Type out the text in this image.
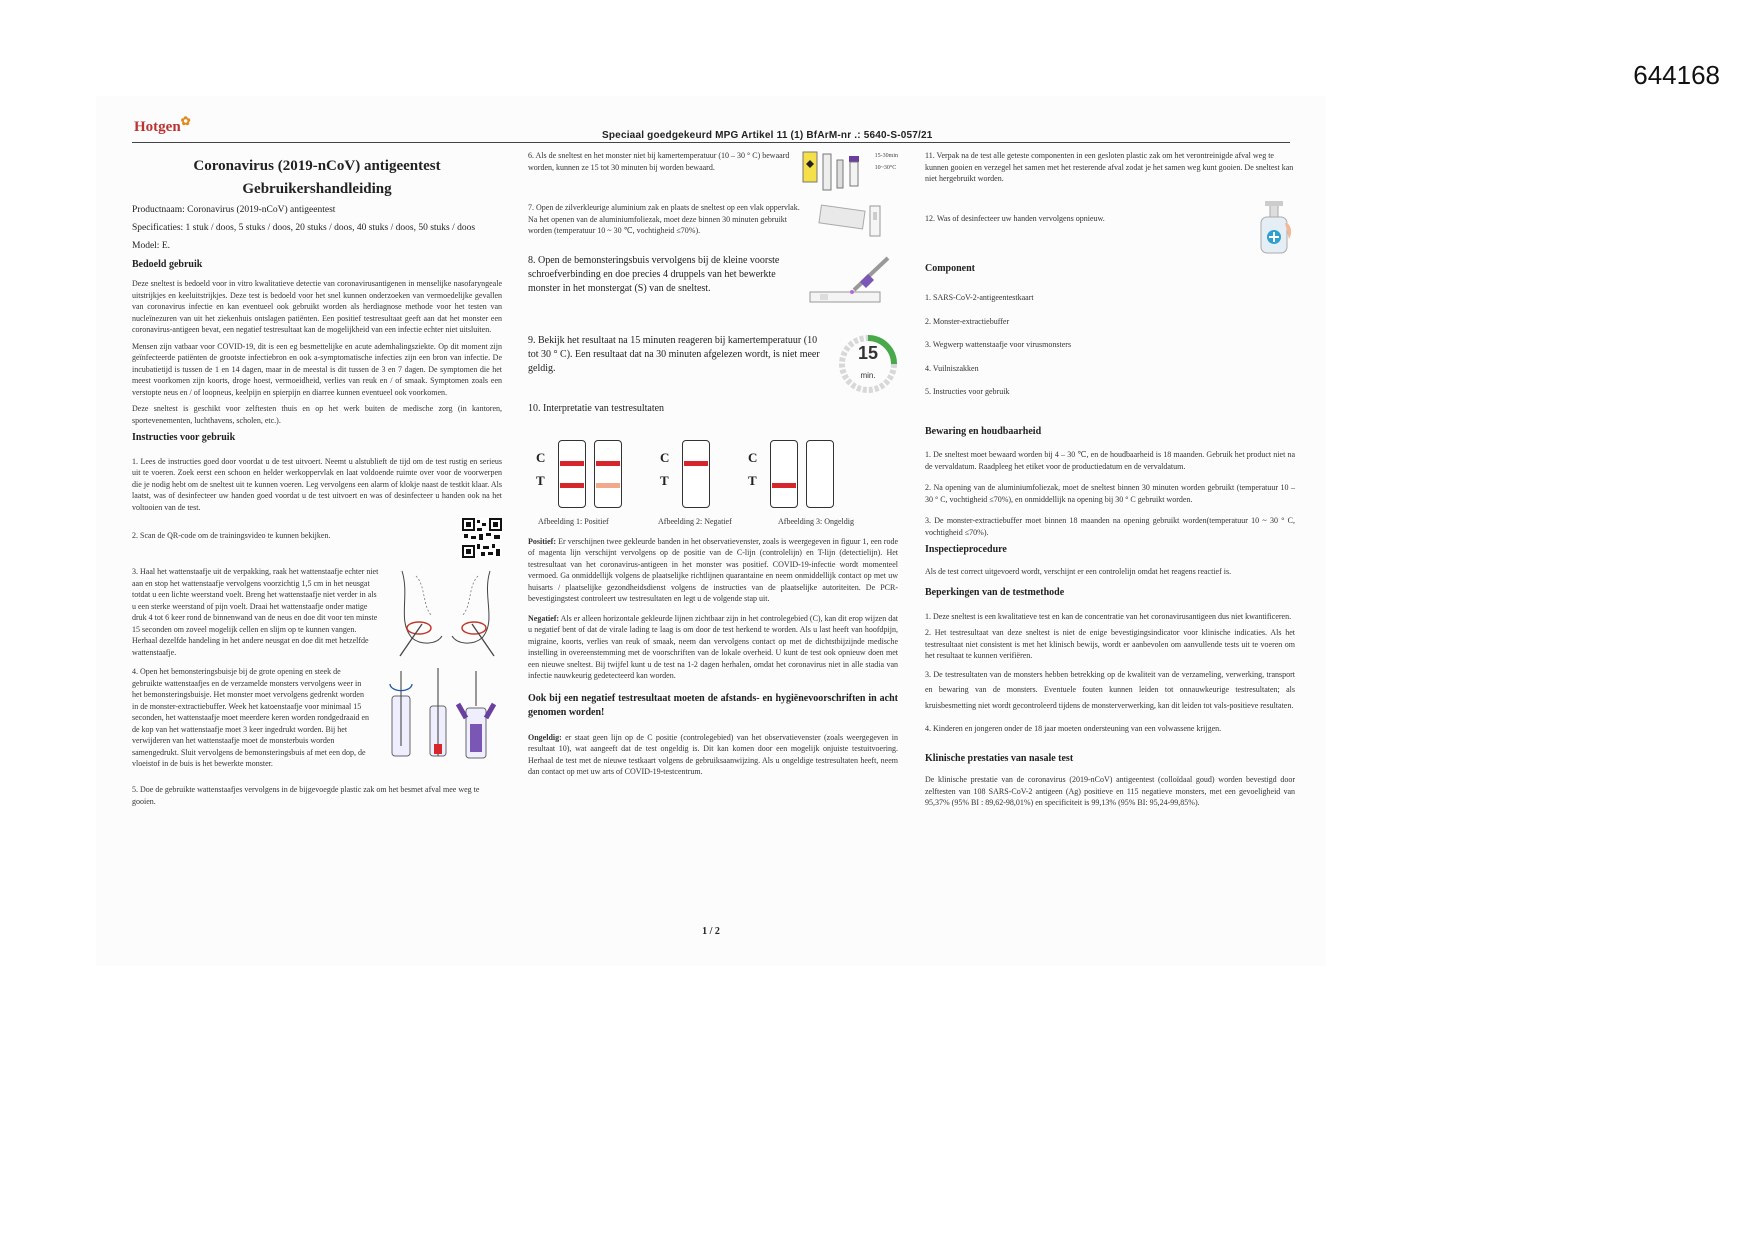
644168
Hotgen✿
Speciaal goedgekeurd MPG Artikel 11 (1) BfArM-nr .: 5640-S-057/21
Coronavirus (2019-nCoV) antigeentest
Gebruikershandleiding

Productnaam: Coronavirus (2019-nCoV) antigeentest

Specificaties: 1 stuk / doos, 5 stuks / doos, 20 stuks / doos, 40 stuks / doos, 50 stuks / doos

Model: E.

Bedoeld gebruik

Deze sneltest is bedoeld voor in vitro kwalitatieve detectie van coronavirusantigenen in menselijke nasofaryngeale uitstrijkjes en keeluitstrijkjes. Deze test is bedoeld voor het snel kunnen onderzoeken van vermoedelijke gevallen van coronavirus infectie en kan eventueel ook gebruikt worden als herdiagnose methode voor het testen van nucleïnezuren van uit het ziekenhuis ontslagen patiënten. Een positief testresultaat geeft aan dat het monster een coronavirus-antigeen bevat, een negatief testresultaat kan de mogelijkheid van een infectie echter niet uitsluiten.

Mensen zijn vatbaar voor COVID-19, dit is een eg besmettelijke en acute ademhalingsziekte. Op dit moment zijn geïnfecteerde patiënten de grootste infectiebron en ook a-symptomatische infecties zijn een bron van infectie. De incubatietijd is tussen de 1 en 14 dagen, maar in de meestal is dit tussen de 3 en 7 dagen. De symptomen die het meest voorkomen zijn koorts, droge hoest, vermoeidheid, verlies van reuk en / of smaak. Symptomen zoals een verstopte neus en / of loopneus, keelpijn en spierpijn en diarree kunnen eventueel ook voorkomen.

Deze sneltest is geschikt voor zelftesten thuis en op het werk buiten de medische zorg (in kantoren, sportevenementen, luchthavens, scholen, etc.).

Instructies voor gebruik

1. Lees de instructies goed door voordat u de test uitvoert. Neemt u alstublieft de tijd om de test rustig en serieus uit te voeren. Zoek eerst een schoon en helder werkoppervlak en laat voldoende ruimte over voor de voorwerpen die je nodig hebt om de sneltest uit te kunnen voeren. Leg vervolgens een alarm of klokje naast de testkit klaar. Als laatst, was of desinfecteer uw handen goed voordat u de test uitvoert en was of desinfecteer u handen ook na het voltooien van de test.

2. Scan de QR-code om de trainingsvideo te kunnen bekijken.
3. Haal het wattenstaafje uit de verpakking, raak het wattenstaafje echter niet aan en stop het wattenstaafje vervolgens voorzichtig 1,5 cm in het neusgat totdat u een lichte weerstand voelt. Breng het wattenstaafje niet verder in als u een sterke weerstand of pijn voelt. Draai het wattenstaafje onder matige druk 4 tot 6 keer rond de binnenwand van de neus en doe dit voor ten minste 15 seconden om zoveel mogelijk cellen en slijm op te kunnen vangen. Herhaal dezelfde handeling in het andere neusgat en doe dit met hetzelfde wattenstaafje.
4. Open het bemonsteringsbuisje bij de grote opening en steek de gebruikte wattenstaafjes en de verzamelde monsters vervolgens weer in het bemonsteringsbuisje. Het monster moet vervolgens gedrenkt worden in de monster-extractiebuffer. Week het katoenstaafje voor minimaal 15 seconden, het wattenstaafje moet meerdere keren worden rondgedraaid en de kop van het wattenstaafje moet 3 keer ingedrukt worden. Bij het verwijderen van het wattenstaafje moet de monsterbuis worden samengedrukt. Sluit vervolgens de bemonsteringsbuis af met een dop, de vloeistof in de buis is het bewerkte monster.

5. Doe de gebruikte wattenstaafjes vervolgens in de bijgevoegde plastic zak om het besmet afval mee weg te gooien.

6. Als de sneltest en het monster niet bij kamertemperatuur (10 – 30 ° C) bewaard worden, kunnen ze 15 tot 30 minuten bij worden bewaard.
15-30min
10~30°C
7. Open de zilverkleurige aluminium zak en plaats de sneltest op een vlak oppervlak. Na het openen van de aluminiumfoliezak, moet deze binnen 30 minuten gebruikt worden (temperatuur 10 ~ 30 ℃, vochtigheid ≤70%).
8. Open de bemonsteringsbuis vervolgens bij de kleine voorste schroefverbinding en doe precies 4 druppels van het bewerkte monster in het monstergat (S) van de sneltest.
9. Bekijk het resultaat na 15 minuten reageren bij kamertemperatuur (10 tot 30 ° C). Een resultaat dat na 30 minuten afgelezen wordt, is niet meer geldig.
15
min.
10. Interpretatie van testresultaten
C
T
C
T
C
T
Afbeelding 1: Positief	Afbeelding 2: Negatief	Afbeelding 3: Ongeldig

Positief: Er verschijnen twee gekleurde banden in het observatievenster, zoals is weergegeven in figuur 1, een rode of magenta lijn verschijnt vervolgens op de positie van de C-lijn (controlelijn) en T-lijn (detectielijn). Het testresultaat van het coronavirus-antigeen in het monster was positief. COVID-19-infectie wordt momenteel vermoed. Ga onmiddellijk volgens de plaatselijke richtlijnen quarantaine en neem onmiddellijk contact op met uw huisarts / plaatselijke gezondheidsdienst volgens de instructies van de plaatselijke autoriteiten. De PCR-bevestigingstest controleert uw testresultaten en legt u de volgende stap uit.

Negatief: Als er alleen horizontale gekleurde lijnen zichtbaar zijn in het controlegebied (C), kan dit erop wijzen dat u negatief bent of dat de virale lading te laag is om door de test herkend te worden. Als u last heeft van hoofdpijn, migraine, koorts, verlies van reuk of smaak, neem dan vervolgens contact op met de dichtstbijzijnde medische instelling in overeenstemming met de voorschriften van de lokale overheid. U kunt de test ook opnieuw doen met een nieuwe sneltest. Bij twijfel kunt u de test na 1-2 dagen herhalen, omdat het coronavirus niet in alle stadia van infectie nauwkeurig gedetecteerd kan worden.

Ook bij een negatief testresultaat moeten de afstands- en hygiënevoorschriften in acht genomen worden!

Ongeldig: er staat geen lijn op de C positie (controlegebied) van het observatievenster (zoals weergegeven in resultaat 10), wat aangeeft dat de test ongeldig is. Dit kan komen door een mogelijk onjuiste testuitvoering. Herhaal de test met de nieuwe testkaart volgens de gebruiksaanwijzing. Als u ongeldige testresultaten heeft, neem dan contact op met uw arts of COVID-19-testcentrum.

11. Verpak na de test alle geteste componenten in een gesloten plastic zak om het verontreinigde afval weg te kunnen gooien en verzegel het samen met het resterende afval zodat je het samen weg kunt gooien. De sneltest kan niet hergebruikt worden.

12. Was of desinfecteer uw handen vervolgens opnieuw.
Component
1. SARS-CoV-2-antigeentestkaart
2. Monster-extractiebuffer
3. Wegwerp wattenstaafje voor virusmonsters
4. Vuilniszakken
5. Instructies voor gebruik
Bewaring en houdbaarheid

1. De sneltest moet bewaard worden bij 4 – 30 ℃, en de houdbaarheid is 18 maanden. Gebruik het product niet na de vervaldatum. Raadpleeg het etiket voor de productiedatum en de vervaldatum.

2. Na opening van de aluminiumfoliezak, moet de sneltest binnen 30 minuten worden gebruikt (temperatuur 10 – 30 ° C, vochtigheid ≤70%), en onmiddellijk na opening bij 30 ° C gebruikt worden.

3. De monster-extractiebuffer moet binnen 18 maanden na opening gebruikt worden(temperatuur 10 ~ 30 ° C, vochtigheid ≤70%).

Inspectieprocedure

Als de test correct uitgevoerd wordt, verschijnt er een controlelijn omdat het reagens reactief is.

Beperkingen van de testmethode

1. Deze sneltest is een kwalitatieve test en kan de concentratie van het coronavirusantigeen dus niet kwantificeren.

2. Het testresultaat van deze sneltest is niet de enige bevestigingsindicator voor klinische indicaties. Als het testresultaat niet consistent is met het klinisch bewijs, wordt er aanbevolen om aanvullende tests uit te voeren om het resultaat te kunnen verifiëren.

3. De testresultaten van de monsters hebben betrekking op de kwaliteit van de verzameling, verwerking, transport en bewaring van de monsters. Eventuele fouten kunnen leiden tot onnauwkeurige testresultaten; als kruisbesmetting niet wordt gecontroleerd tijdens de monsterverwerking, kan dit leiden tot vals-positieve resultaten.

4. Kinderen en jongeren onder de 18 jaar moeten ondersteuning van een volwassene krijgen.

Klinische prestaties van nasale test

De klinische prestatie van de coronavirus (2019-nCoV) antigeentest (colloïdaal goud) worden bevestigd door zelftesten van 108 SARS-CoV-2 antigeen (Ag) positieve en 115 negatieve monsters, met een gevoeligheid van 95,37% (95% BI : 89,62-98,01%) en specificiteit is 99,13% (95% BI: 95,24-99,85%).

1 / 2
